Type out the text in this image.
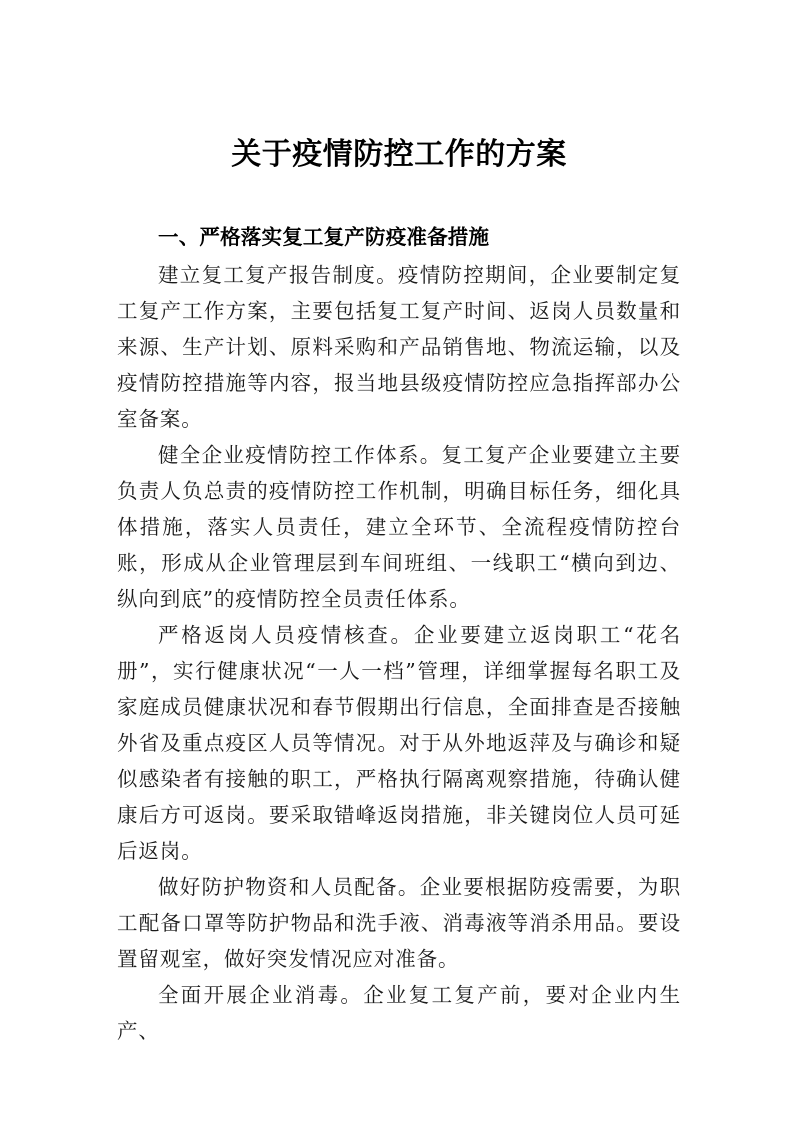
关于疫情防控工作的方案
一、严格落实复工复产防疫准备措施

建立复工复产报告制度。疫情防控期间，企业要制定复工复产工作方案，主要包括复工复产时间、返岗人员数量和来源、生产计划、原料采购和产品销售地、物流运输，以及疫情防控措施等内容，报当地县级疫情防控应急指挥部办公室备案。

健全企业疫情防控工作体系。复工复产企业要建立主要负责人负总责的疫情防控工作机制，明确目标任务，细化具体措施，落实人员责任，建立全环节、全流程疫情防控台账，形成从企业管理层到车间班组、一线职工“横向到边、纵向到底”的疫情防控全员责任体系。

严格返岗人员疫情核查。企业要建立返岗职工“花名册”，实行健康状况“一人一档”管理，详细掌握每名职工及家庭成员健康状况和春节假期出行信息，全面排查是否接触外省及重点疫区人员等情况。对于从外地返萍及与确诊和疑似感染者有接触的职工，严格执行隔离观察措施，待确认健康后方可返岗。要采取错峰返岗措施，非关键岗位人员可延后返岗。

做好防护物资和人员配备。企业要根据防疫需要，为职工配备口罩等防护物品和洗手液、消毒液等消杀用品。要设置留观室，做好突发情况应对准备。

全面开展企业消毒。企业复工复产前，要对企业内生产、
